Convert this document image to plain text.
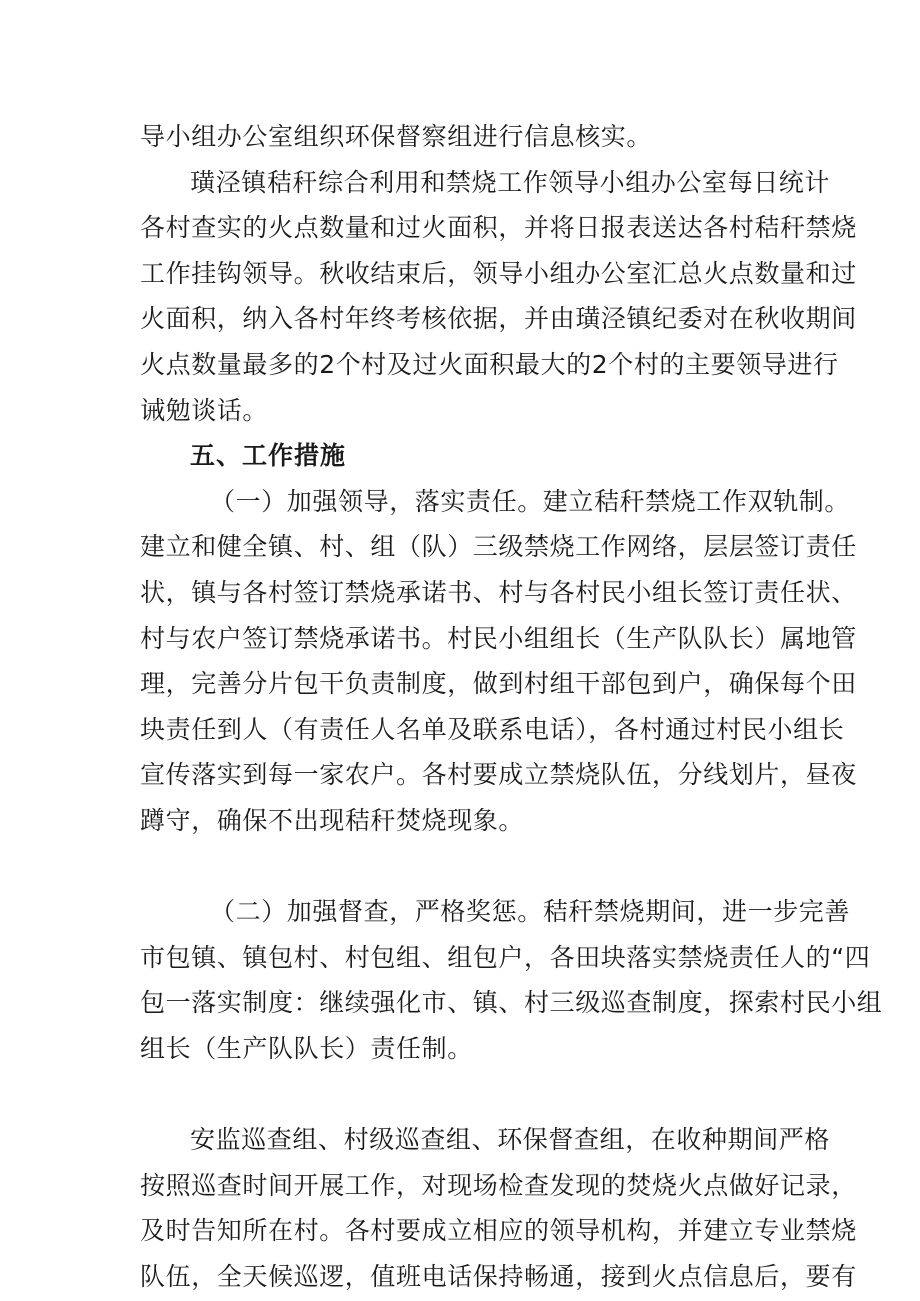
导小组办公室组织环保督察组进行信息核实。
璜泾镇秸秆综合利用和禁烧工作领导小组办公室每日统计
各村查实的火点数量和过火面积，并将日报表送达各村秸秆禁烧
工作挂钩领导。秋收结束后，领导小组办公室汇总火点数量和过
火面积，纳入各村年终考核依据，并由璜泾镇纪委对在秋收期间
火点数量最多的2个村及过火面积最大的2个村的主要领导进行
诫勉谈话。
五、工作措施
（一）加强领导，落实责任。建立秸秆禁烧工作双轨制。
建立和健全镇、村、组（队）三级禁烧工作网络，层层签订责任
状，镇与各村签订禁烧承诺书、村与各村民小组长签订责任状、
村与农户签订禁烧承诺书。村民小组组长（生产队队长）属地管
理，完善分片包干负责制度，做到村组干部包到户，确保每个田
块责任到人（有责任人名单及联系电话），各村通过村民小组长
宣传落实到每一家农户。各村要成立禁烧队伍，分线划片，昼夜
蹲守，确保不出现秸秆焚烧现象。
（二）加强督查，严格奖惩。秸秆禁烧期间，进一步完善
市包镇、镇包村、村包组、组包户，各田块落实禁烧责任人的“四
包一落实制度：继续强化市、镇、村三级巡查制度，探索村民小组
组长（生产队队长）责任制。
安监巡查组、村级巡查组、环保督查组，在收种期间严格
按照巡查时间开展工作，对现场检查发现的焚烧火点做好记录，
及时告知所在村。各村要成立相应的领导机构，并建立专业禁烧
队伍，全天候巡逻，值班电话保持畅通，接到火点信息后，要有
